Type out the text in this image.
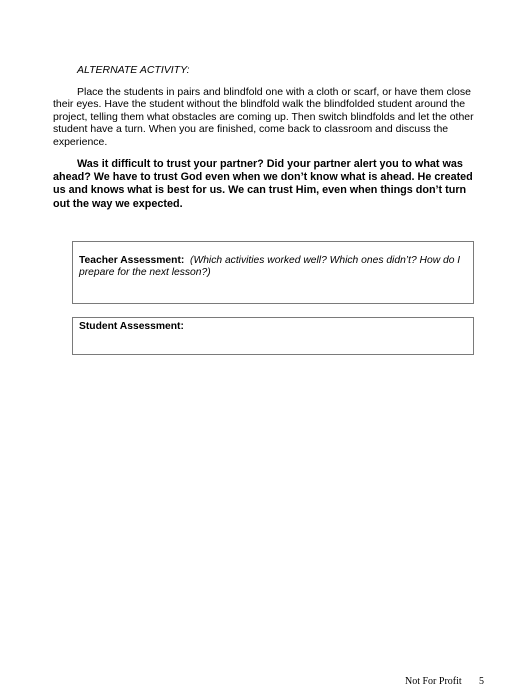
ALTERNATE ACTIVITY:

Place the students in pairs and blindfold one with a cloth or scarf, or have them close their eyes. Have the student without the blindfold walk the blindfolded student around the project, telling them what obstacles are coming up. Then switch blindfolds and let the other student have a turn. When you are finished, come back to classroom and discuss the experience.

Was it difficult to trust your partner? Did your partner alert you to what was ahead? We have to trust God even when we don’t know what is ahead. He created us and knows what is best for us. We can trust Him, even when things don’t turn out the way we expected.

Teacher Assessment: (Which activities worked well? Which ones didn’t? How do I prepare for the next lesson?)
Student Assessment:
Not For Profit 5
